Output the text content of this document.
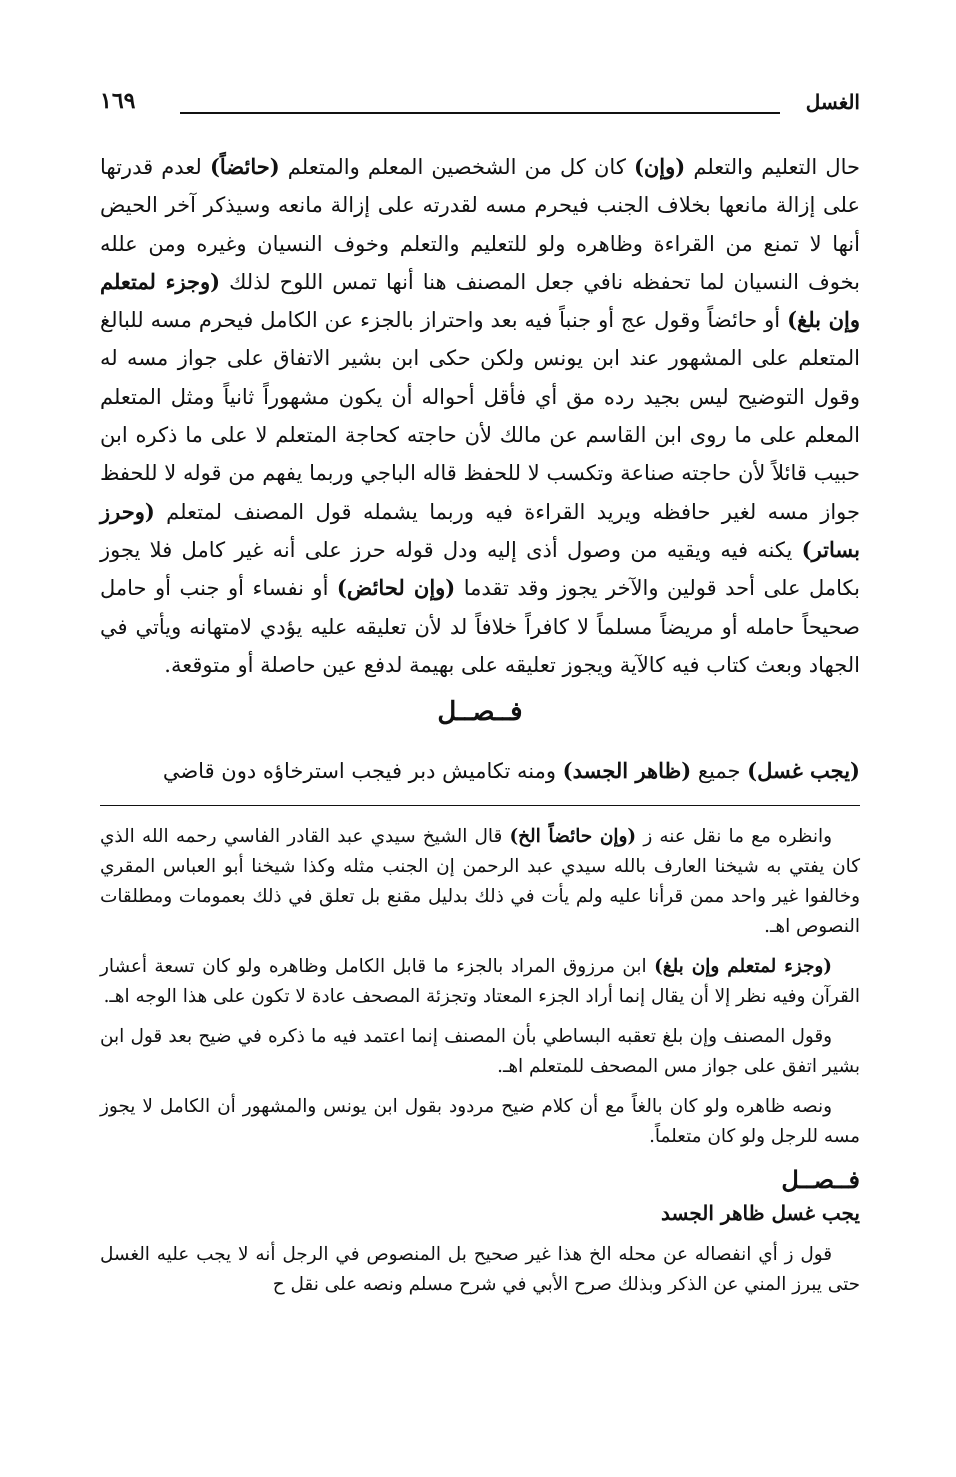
الغسل
١٦٩
حال التعليم والتعلم (وإن) كان كل من الشخصين المعلم والمتعلم (حائضاً) لعدم قدرتها على إزالة مانعها بخلاف الجنب فيحرم مسه لقدرته على إزالة مانعه وسيذكر آخر الحيض أنها لا تمنع من القراءة وظاهره ولو للتعليم والتعلم وخوف النسيان وغيره ومن علله بخوف النسيان لما تحفظه نافي جعل المصنف هنا أنها تمس اللوح لذلك (وجزء لمتعلم وإن بلغ) أو حائضاً وقول عج أو جنباً فيه بعد واحتراز بالجزء عن الكامل فيحرم مسه للبالغ المتعلم على المشهور عند ابن يونس ولكن حكى ابن بشير الاتفاق على جواز مسه له وقول التوضيح ليس بجيد رده مق أي فأقل أحواله أن يكون مشهوراً ثانياً ومثل المتعلم المعلم على ما روى ابن القاسم عن مالك لأن حاجته كحاجة المتعلم لا على ما ذكره ابن حبيب قائلاً لأن حاجته صناعة وتكسب لا للحفظ قاله الباجي وربما يفهم من قوله لا للحفظ جواز مسه لغير حافظه ويريد القراءة فيه وربما يشمله قول المصنف لمتعلم (وحرز بساتر) يكنه فيه ويقيه من وصول أذى إليه ودل قوله حرز على أنه غير كامل فلا يجوز بكامل على أحد قولين والآخر يجوز وقد تقدما (وإن لحائض) أو نفساء أو جنب أو حامل صحيحاً حامله أو مريضاً مسلماً لا كافراً خلافاً لد لأن تعليقه عليه يؤدي لامتهانه ويأتي في الجهاد وبعث كتاب فيه كالآية ويجوز تعليقه على بهيمة لدفع عين حاصلة أو متوقعة.
فــصــل
(يجب غسل) جميع (ظاهر الجسد) ومنه تكاميش دبر فيجب استرخاؤه دون قاضي

وانظره مع ما نقل عنه ز (وإن حائضاً الخ) قال الشيخ سيدي عبد القادر الفاسي رحمه الله الذي كان يفتي به شيخنا العارف بالله سيدي عبد الرحمن إن الجنب مثله وكذا شيخنا أبو العباس المقري وخالفوا غير واحد ممن قرأنا عليه ولم يأت في ذلك بدليل مقنع بل تعلق في ذلك بعمومات ومطلقات النصوص اهـ.

(وجزء لمتعلم وإن بلغ) ابن مرزوق المراد بالجزء ما قابل الكامل وظاهره ولو كان تسعة أعشار القرآن وفيه نظر إلا أن يقال إنما أراد الجزء المعتاد وتجزئة المصحف عادة لا تكون على هذا الوجه اهـ.

وقول المصنف وإن بلغ تعقبه البساطي بأن المصنف إنما اعتمد فيه ما ذكره في ضيح بعد قول ابن بشير اتفق على جواز مس المصحف للمتعلم اهـ.

ونصه ظاهره ولو كان بالغاً مع أن كلام ضيح مردود بقول ابن يونس والمشهور أن الكامل لا يجوز مسه للرجل ولو كان متعلماً.

فــصــل

يجب غسل ظاهر الجسد

قول ز أي انفصاله عن محله الخ هذا غير صحيح بل المنصوص في الرجل أنه لا يجب عليه الغسل حتى يبرز المني عن الذكر وبذلك صرح الأبي في شرح مسلم ونصه على نقل ح
